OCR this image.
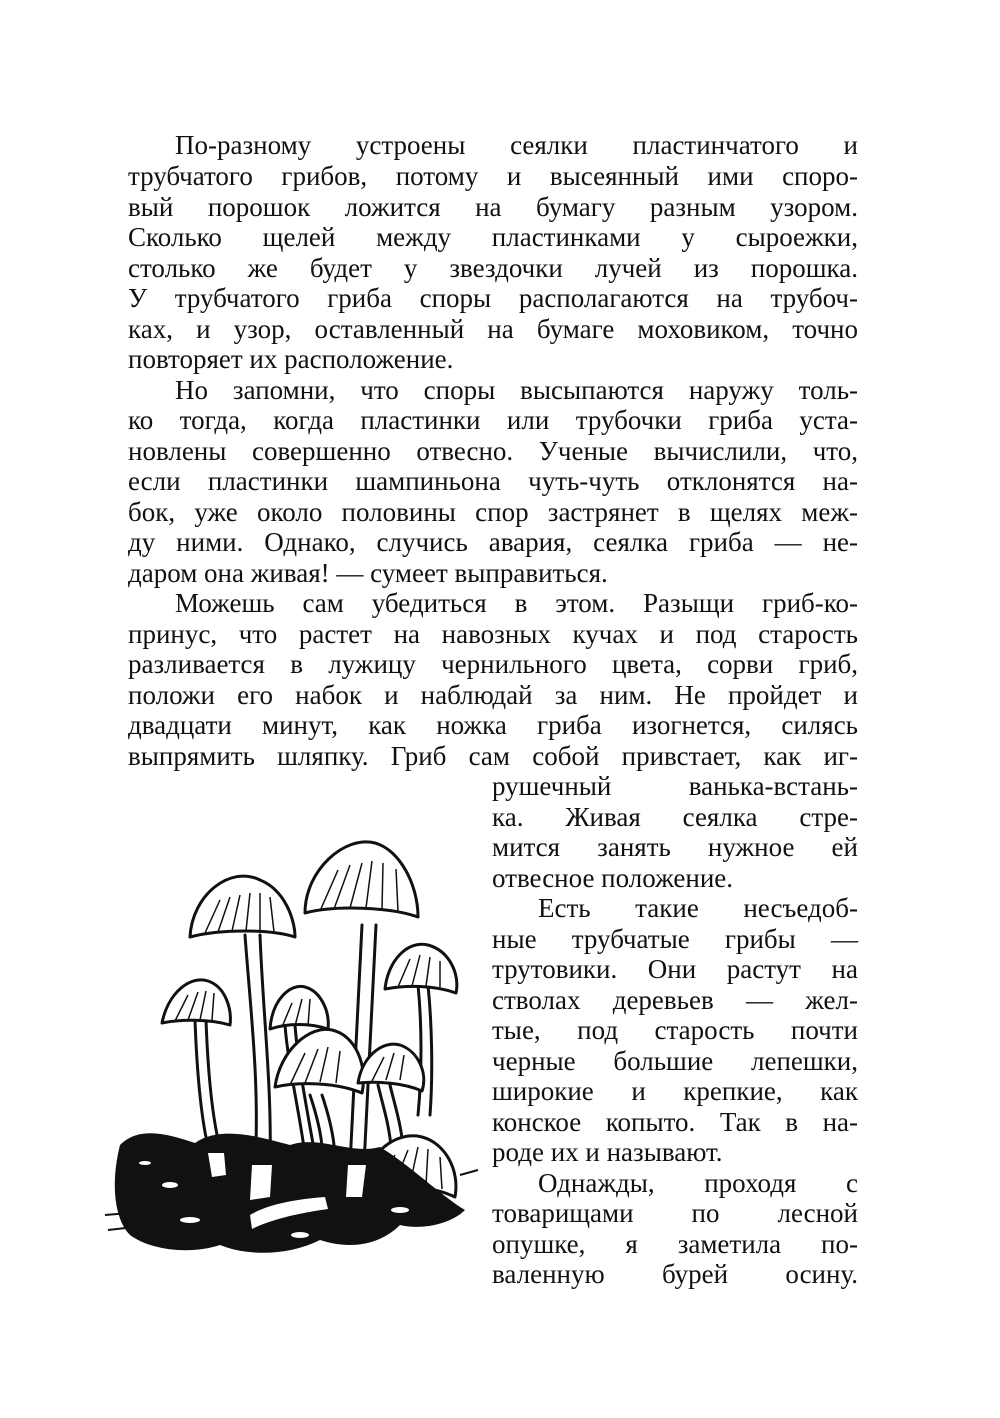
По-разному устроены сеялки пластинчатого и
трубчатого грибов, потому и высеянный ими споро-
вый порошок ложится на бумагу разным узором.
Сколько щелей между пластинками у сыроежки,
столько же будет у звездочки лучей из порошка.
У трубчатого гриба споры располагаются на трубоч-
ках, и узор, оставленный на бумаге моховиком, точно
повторяет их расположение.
Но запомни, что споры высыпаются наружу толь-
ко тогда, когда пластинки или трубочки гриба уста-
новлены совершенно отвесно. Ученые вычислили, что,
если пластинки шампиньона чуть-чуть отклонятся на-
бок, уже около половины спор застрянет в щелях меж-
ду ними. Однако, случись авария, сеялка гриба — не-
даром она живая! — сумеет выправиться.
Можешь сам убедиться в этом. Разыщи гриб-ко-
принус, что растет на навозных кучах и под старость
разливается в лужицу чернильного цвета, сорви гриб,
положи его набок и наблюдай за ним. Не пройдет и
двадцати минут, как ножка гриба изогнется, силясь
выпрямить шляпку. Гриб сам собой привстает, как иг-
рушечный ванька-встань-
ка. Живая сеялка стре-
мится занять нужное ей
отвесное положение.
Есть такие несъедоб-
ные трубчатые грибы —
трутовики. Они растут на
стволах деревьев — жел-
тые, под старость почти
черные большие лепешки,
широкие и крепкие, как
конское копыто. Так в на-
роде их и называют.
Однажды, проходя с
товарищами по лесной
опушке, я заметила по-
валенную бурей осину.
